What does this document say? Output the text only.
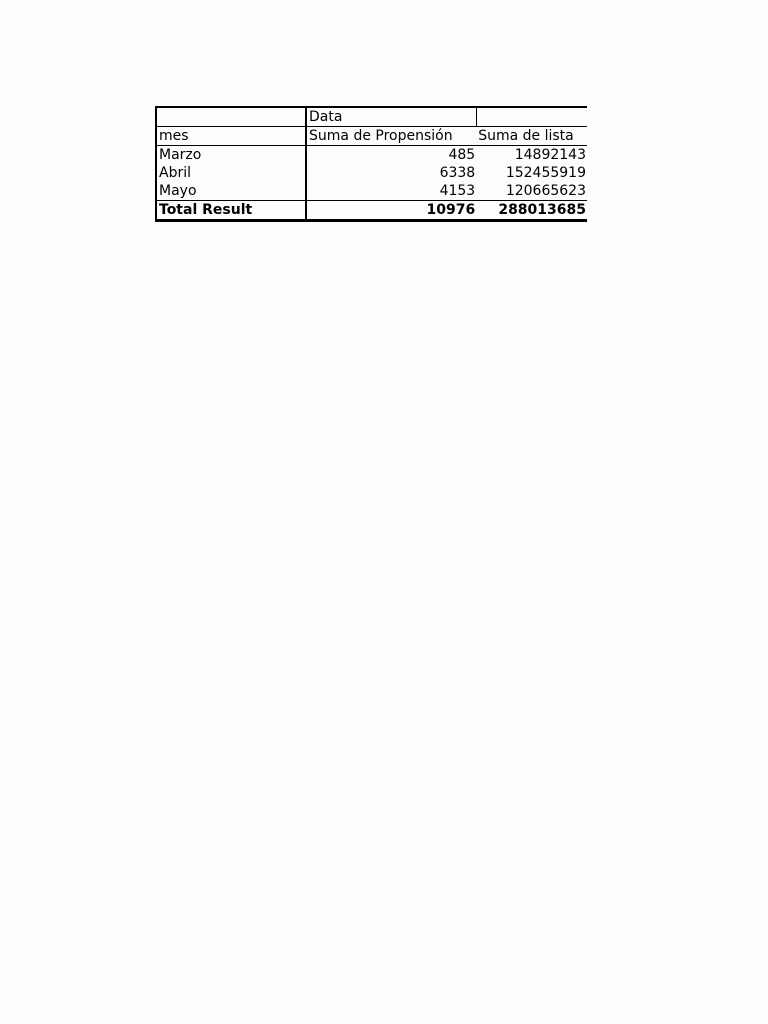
	Data	
mes	Suma de Propensión	Suma de lista
Marzo	485	14892143
Abril	6338	152455919
Mayo	4153	120665623
Total Result	10976	288013685
